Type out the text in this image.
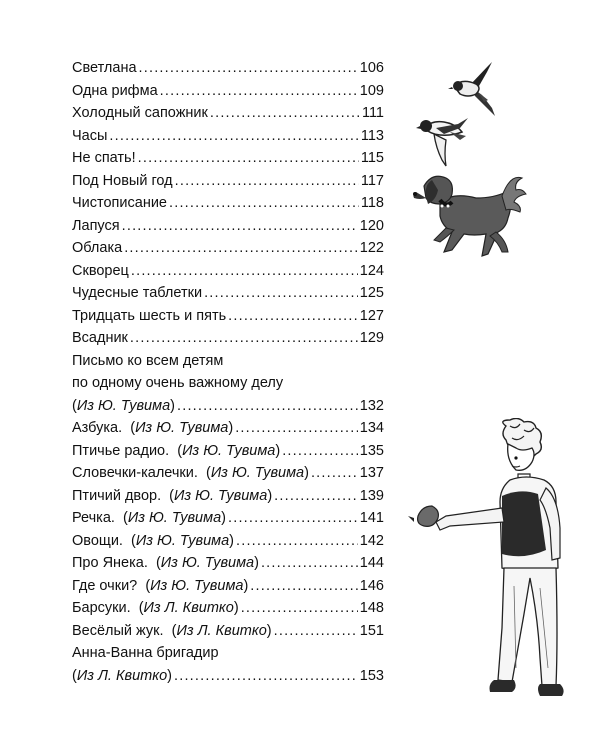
Светлана .....	106
Одна рифма .....	109
Холодный сапожник .....	111
Часы .....	113
Не спать! .....	115
Под Новый год .....	117
Чистописание .....	118
Лапуся .....	120
Облака .....	122
Скворец .....	124
Чудесные таблетки .....	125
Тридцать шесть и пять .....	127
Всадник .....	129
Письмо ко всем детям
по одному очень важному делу
(Из Ю. Тувима) .....	132
Азбука. (Из Ю. Тувима) .....	134
Птичье радио. (Из Ю. Тувима) .....	135
Словечки-калечки. (Из Ю. Тувима) .....	137
Птичий двор. (Из Ю. Тувима) .....	139
Речка. (Из Ю. Тувима) .....	141
Овощи. (Из Ю. Тувима) .....	142
Про Янека. (Из Ю. Тувима) .....	144
Где очки? (Из Ю. Тувима) .....	146
Барсуки. (Из Л. Квитко) .....	148
Весёлый жук. (Из Л. Квитко) .....	151
Анна-Ванна бригадир
(Из Л. Квитко) .....	153
